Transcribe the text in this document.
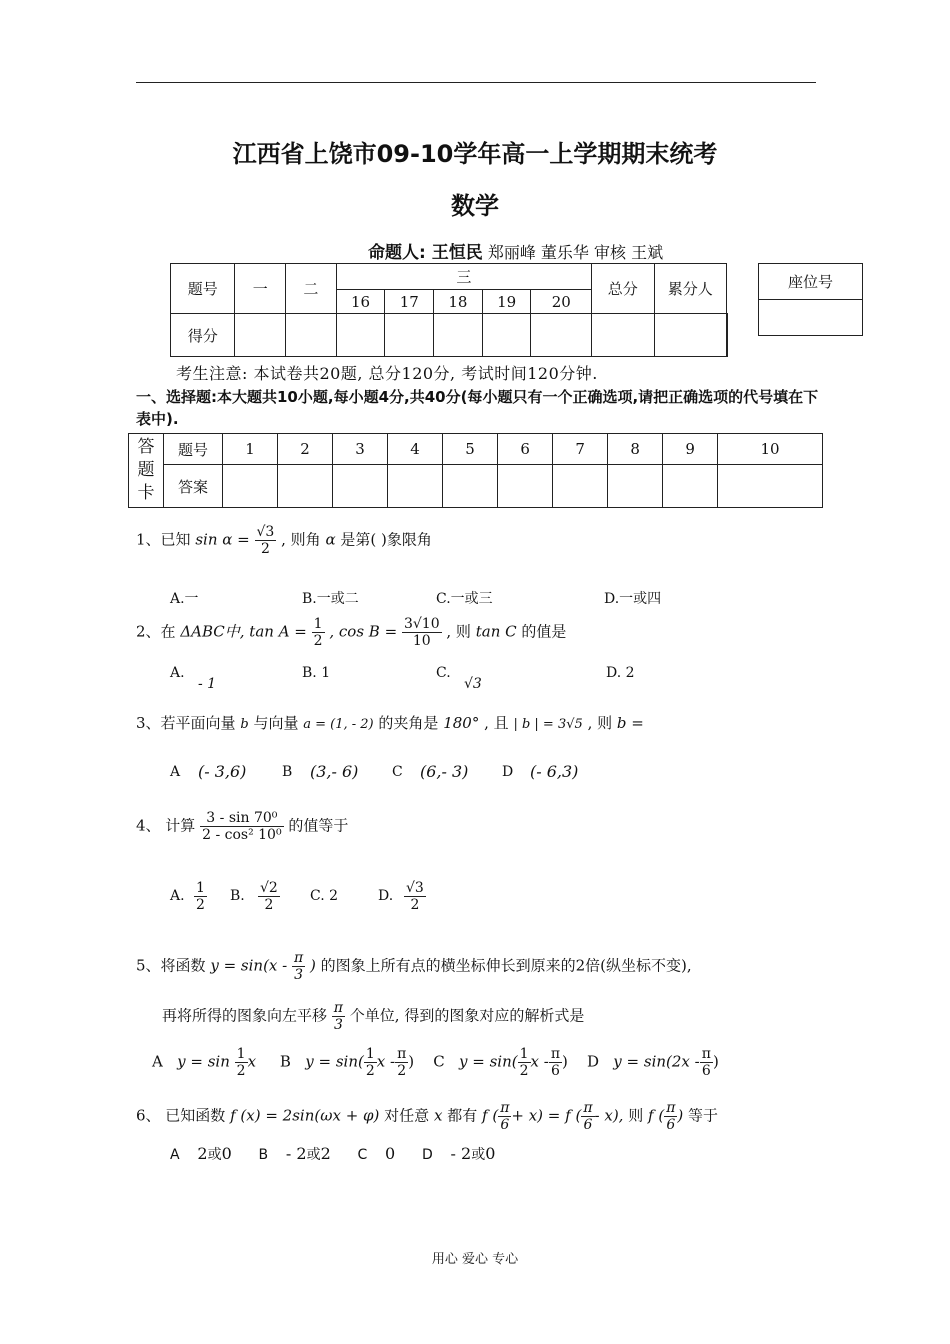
江西省上饶市09-10学年高一上学期期末统考
数学
命题人: 王恒民 郑丽峰 董乐华 审核 王斌
题号	一	二	三					总分	累分人	
			16	17	18	19	20			
得分										
座位号

考生注意: 本试卷共20题, 总分120分, 考试时间120分钟.
一、选择题:本大题共10小题,每小题4分,共40分(每小题只有一个正确选项,请把正确选项的代号填在下表中).
答
题
卡	题号	1	2	3	4	5	6	7	8	9	10
	答案										
1、已知 $\sin \alpha = \frac{√3}{2}$ , 则角 α 是第( )象限角
A.一	B.一或二	C.一或三	D.一或四
2、在 ΔABC中, $\tan A = \frac{1}{2}$ , $\cos B = \frac{3√10}{10}$ , 则 tan C 的值是
A.
- 1
B. 1	C.
√3
D. 2
3、若平面向量 b 与向量 a = (1, - 2) 的夹角是 180° , 且 | b | = 3√5 , 则 b =
A (- 3,6)	B (3,- 6) C (6,- 3) D (- 6,3)
4、 计算 $\frac{\text{3 - sin 70⁰}}{\text{2 - cos² 10⁰}}$ 的值等于
A. $\frac{1}{2} B$. $\frac{√2}{2} C$. 2	D. $\frac{√3}{2}$
5、将函数 $y = \sin(x - \frac{\pi}{3}$ ) 的图象上所有点的横坐标伸长到原来的2倍(纵坐标不变),
再将所得的图象向左平移 $\frac{\pi}{3}$ 个单位, 得到的图象对应的解析式是
A $y = \sin \frac{1}{2}$ x B $y = \sin( \frac{1}{2}$ x - $\frac{\pi}{2}$ ) C $y = \sin( \frac{1}{2}$ x - $\frac{\pi}{6}$ ) D $y = \sin(2x - \frac{\pi}{6}$ )
6、 已知函数 f (x) = 2sin(ωx + φ) 对任意 x 都有 f ( $\frac{\pi}{6} + x) = f$ ( $\frac{\pi}{6} - x$), 则 f ( $\frac{\pi}{6}$ ) 等于
A 2或0 B - 2或2 C 0 D - 2或0
用心 爱心 专心
